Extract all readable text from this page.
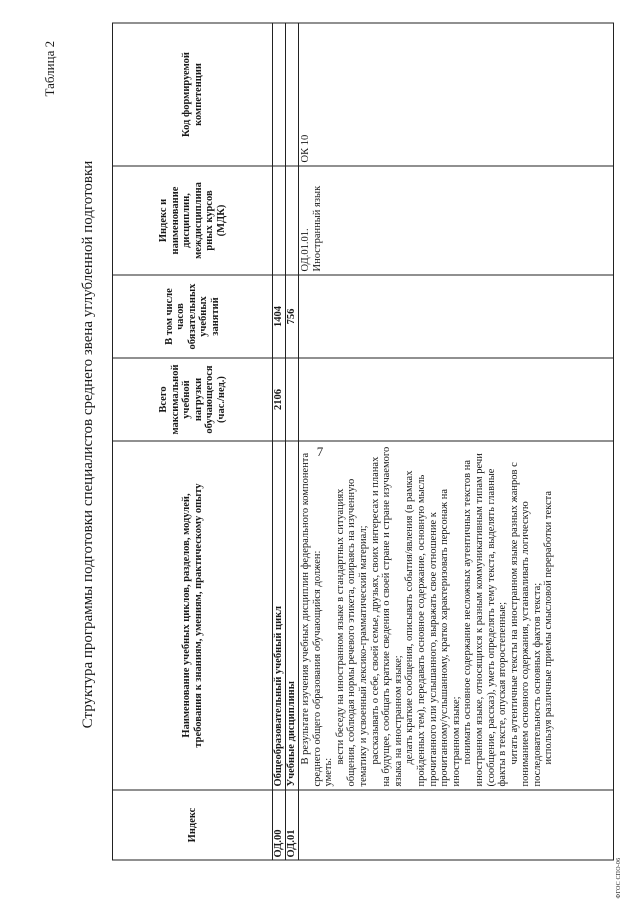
7
Таблица 2
Структура программы подготовки специалистов среднего звена углубленной подготовки
Индекс
Наименование учебных циклов, разделов, модулей, требования к знаниям, умениям, практическому опыту
Всего максимальной учебной нагрузки обучающегося (час./нед.)
В том числе часов обязательных учебных занятий
Индекс и наименование дисциплин, междисциплина рных курсов (МДК)
Код формируемой компетенции
ОД.00
Общеобразовательный учебный цикл
2106
1404
ОД.01
Учебные дисциплины
756

В результате изучения учебных дисциплин федерального компонента среднего общего образования обучающийся должен: уметь:

вести беседу на иностранном языке в стандартных ситуациях общения, соблюдая нормы речевого этикета, опираясь на изученную тематику и усвоенный лексико-грамматический материал; рассказывать о себе, своей семье, друзьях, своих интересах и планах на будущее, сообщать краткие сведения о своей стране и стране изучаемого языка на иностранном языке; делать краткие сообщения, описывать события/явления (в рамках пройденных тем), передавать основное содержание, основную мысль прочитанного или услышанного, выражать свое отношение к прочитанному/услышанному, кратко характеризовать персонаж на иностранном языке; понимать основное содержание несложных аутентичных текстов на иностранном языке, относящихся к разным коммуникативным типам речи (сообщение, рассказ), уметь определять тему текста, выделять главные факты в тексте, опуская второстепенные; читать аутентичные тексты на иностранном языке разных жанров с пониманием основного содержания, устанавливать логическую последовательность основных фактов текста; используя различные приемы смысловой переработки текста

ОД.01.01. Иностранный язык
ОК 10
ФГОС СПО-06
